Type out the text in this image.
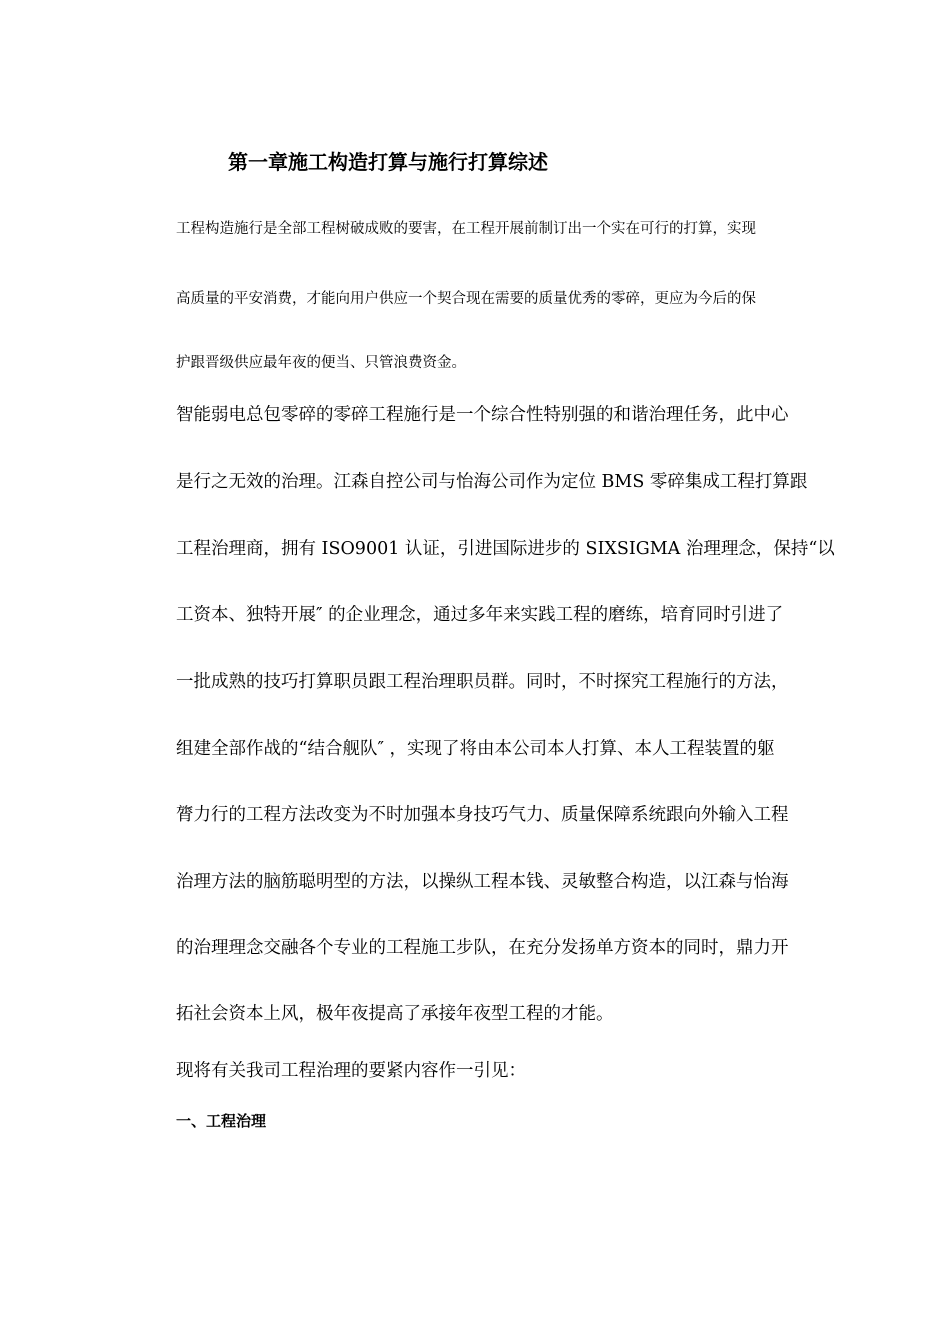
第一章施工构造打算与施行打算综述

工程构造施行是全部工程树破成败的要害，在工程开展前制订出一个实在可行的打算，实现

高质量的平安消费，才能向用户供应一个契合现在需要的质量优秀的零碎，更应为今后的保

护跟晋级供应最年夜的便当、只管浪费资金。

智能弱电总包零碎的零碎工程施行是一个综合性特别强的和谐治理任务，此中心

是行之无效的治理。江森自控公司与怡海公司作为定位 BMS 零碎集成工程打算跟

工程治理商，拥有 ISO9001 认证，引进国际进步的 SIXSIGMA 治理理念，保持“以

工资本、独特开展″ 的企业理念，通过多年来实践工程的磨练，培育同时引进了

一批成熟的技巧打算职员跟工程治理职员群。同时，不时探究工程施行的方法，

组建全部作战的“结合舰队″ ，实现了将由本公司本人打算、本人工程装置的躯

膂力行的工程方法改变为不时加强本身技巧气力、质量保障系统跟向外输入工程

治理方法的脑筋聪明型的方法，以操纵工程本钱、灵敏整合构造，以江森与怡海

的治理理念交融各个专业的工程施工步队，在充分发扬单方资本的同时，鼎力开

拓社会资本上风，极年夜提高了承接年夜型工程的才能。

现将有关我司工程治理的要紧内容作一引见：

一、工程治理
